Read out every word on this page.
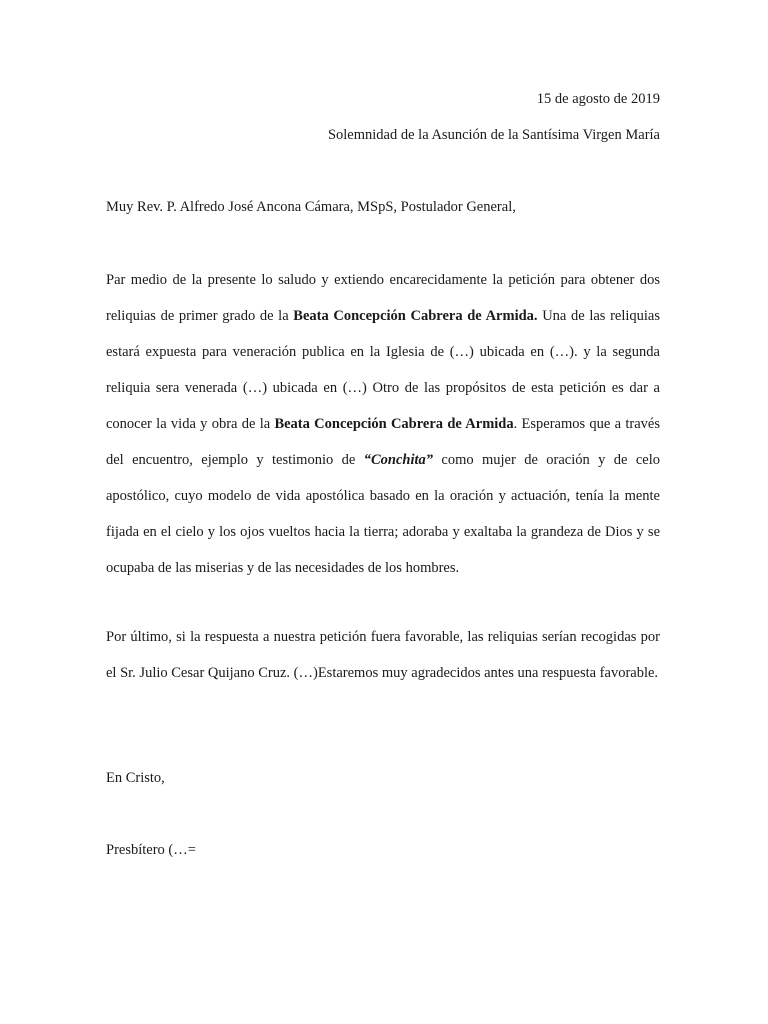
15 de agosto de 2019
Solemnidad de la Asunción de la Santísima Virgen María
Muy Rev. P. Alfredo José Ancona Cámara, MSpS, Postulador General,

Par medio de la presente lo saludo y extiendo encarecidamente la petición para obtener dos reliquias de primer grado de la Beata Concepción Cabrera de Armida. Una de las reliquias estará expuesta para veneración publica en la Iglesia de (…) ubicada en (…). y la segunda reliquia sera venerada (…) ubicada en (…) Otro de las propósitos de esta petición es dar a conocer la vida y obra de la Beata Concepción Cabrera de Armida. Esperamos que a través del encuentro, ejemplo y testimonio de “Conchita” como mujer de oración y de celo apostólico, cuyo modelo de vida apostólica basado en la oración y actuación, tenía la mente fijada en el cielo y los ojos vueltos hacia la tierra; adoraba y exaltaba la grandeza de Dios y se ocupaba de las miserias y de las necesidades de los hombres.

Por último, si la respuesta a nuestra petición fuera favorable, las reliquias serían recogidas por el Sr. Julio Cesar Quijano Cruz. (…)Estaremos muy agradecidos antes una respuesta favorable.

En Cristo,
Presbítero (…=
